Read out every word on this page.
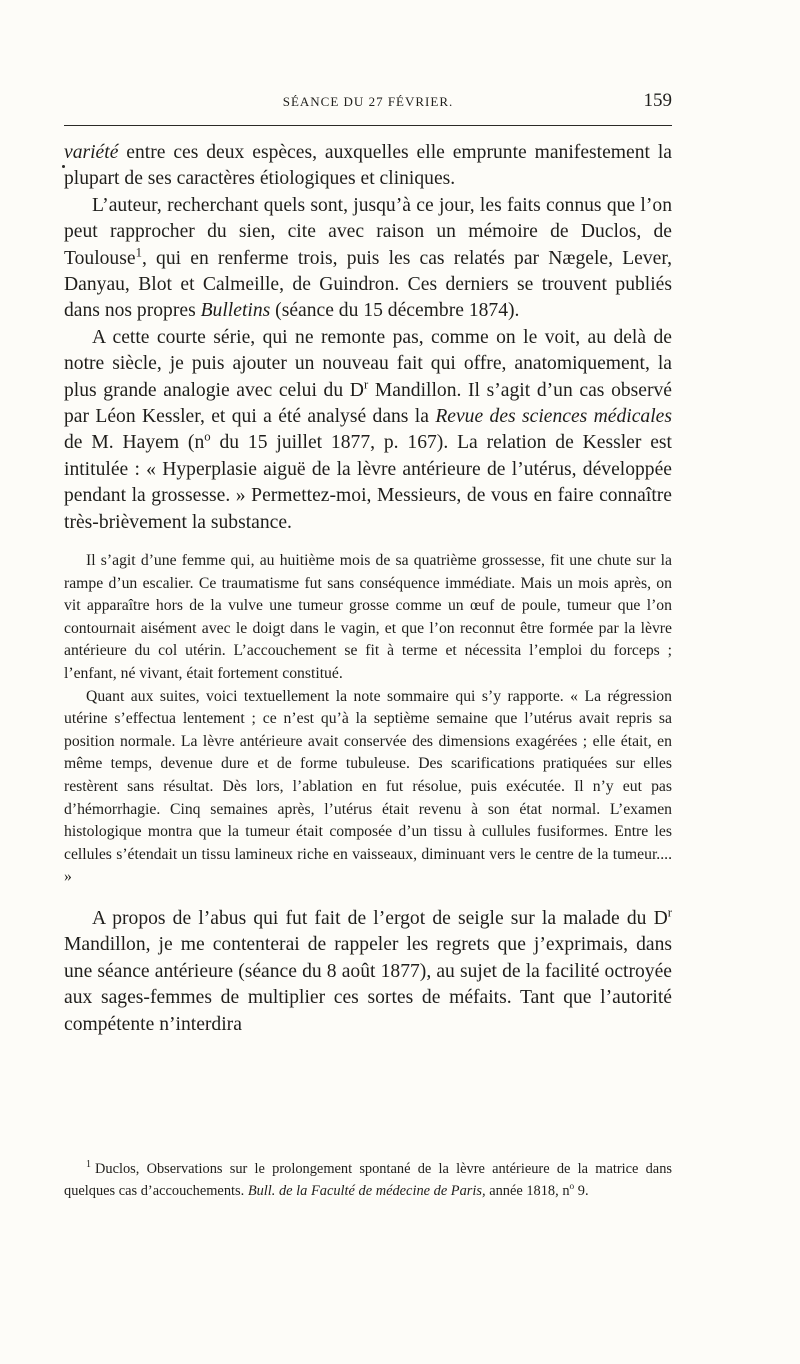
SÉANCE DU 27 FÉVRIER.	159

variété entre ces deux espèces, auxquelles elle emprunte manifestement la plupart de ses caractères étiologiques et cliniques.

L’auteur, recherchant quels sont, jusqu’à ce jour, les faits connus que l’on peut rapprocher du sien, cite avec raison un mémoire de Duclos, de Toulouse$^1$, qui en renferme trois, puis les cas relatés par Nægele, Lever, Danyau, Blot et Calmeille, de Guindron. Ces derniers se trouvent publiés dans nos propres Bulletins (séance du 15 décembre 1874).

A cette courte série, qui ne remonte pas, comme on le voit, au delà de notre siècle, je puis ajouter un nouveau fait qui offre, anatomiquement, la plus grande analogie avec celui du $D^r$ Mandillon. Il s’agit d’un cas observé par Léon Kessler, et qui a été analysé dans la Revue des sciences médicales de M. Hayem ($n^o$ du 15 juillet 1877, p. 167). La relation de Kessler est intitulée : « Hyperplasie aiguë de la lèvre antérieure de l’utérus, développée pendant la grossesse. » Permettez-moi, Messieurs, de vous en faire connaître très-brièvement la substance.

Il s’agit d’une femme qui, au huitième mois de sa quatrième grossesse, fit une chute sur la rampe d’un escalier. Ce traumatisme fut sans conséquence immédiate. Mais un mois après, on vit apparaître hors de la vulve une tumeur grosse comme un œuf de poule, tumeur que l’on contournait aisément avec le doigt dans le vagin, et que l’on reconnut être formée par la lèvre antérieure du col utérin. L’accouchement se fit à terme et nécessita l’emploi du forceps ; l’enfant, né vivant, était fortement constitué.

Quant aux suites, voici textuellement la note sommaire qui s’y rapporte. « La régression utérine s’effectua lentement ; ce n’est qu’à la septième semaine que l’utérus avait repris sa position normale. La lèvre antérieure avait conservée des dimensions exagérées ; elle était, en même temps, devenue dure et de forme tubuleuse. Des scarifications pratiquées sur elles restèrent sans résultat. Dès lors, l’ablation en fut résolue, puis exécutée. Il n’y eut pas d’hémorrhagie. Cinq semaines après, l’utérus était revenu à son état normal. L’examen histologique montra que la tumeur était composée d’un tissu à cullules fusiformes. Entre les cellules s’étendait un tissu lamineux riche en vaisseaux, diminuant vers le centre de la tumeur.... »

A propos de l’abus qui fut fait de l’ergot de seigle sur la malade du $D^r$ Mandillon, je me contenterai de rappeler les regrets que j’exprimais, dans une séance antérieure (séance du 8 août 1877), au sujet de la facilité octroyée aux sages-femmes de multiplier ces sortes de méfaits. Tant que l’autorité compétente n’interdira

$^1$ Duclos, Observations sur le prolongement spontané de la lèvre antérieure de la matrice dans quelques cas d’accouchements. Bull. de la Faculté de médecine de Paris, année 1818, $n^o$ 9.
